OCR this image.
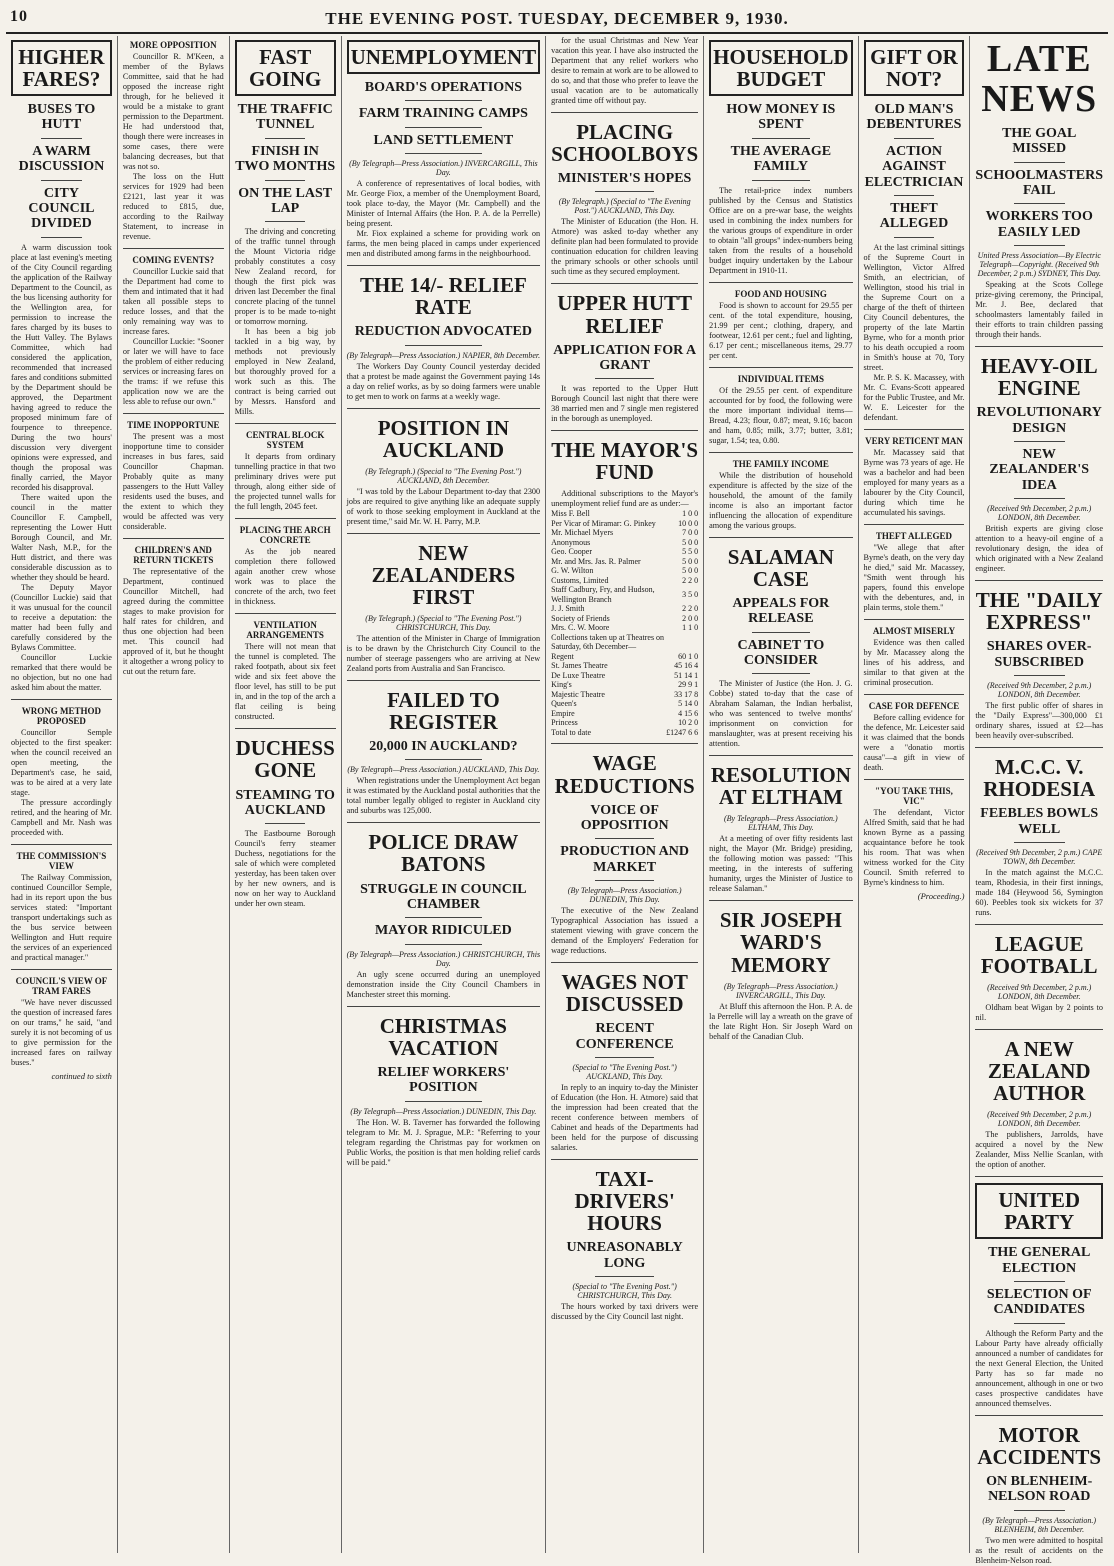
10	THE EVENING POST. TUESDAY, DECEMBER 9, 1930.
HIGHER FARES?
BUSES TO HUTT
A WARM DISCUSSION
CITY COUNCIL DIVIDED

A warm discussion took place at last evening's meeting of the City Council regarding the application of the Railway Department to the Council, as the bus licensing authority for the Wellington area, for permission to increase the fares charged by its buses to the Hutt Valley. The Bylaws Committee, which had considered the application, recommended that increased fares and conditions submitted by the Department should be approved, the Department having agreed to reduce the proposed minimum fare of fourpence to threepence. During the two hours' discussion very divergent opinions were expressed, and though the proposal was finally carried, the Mayor recorded his disapproval.

There waited upon the council in the matter Councillor F. Campbell, representing the Lower Hutt Borough Council, and Mr. Walter Nash, M.P., for the Hutt district, and there was considerable discussion as to whether they should be heard.

The Deputy Mayor (Councillor Luckie) said that it was unusual for the council to receive a deputation: the matter had been fully and carefully considered by the Bylaws Committee.

Councillor Luckie remarked that there would be no objection, but no one had asked him about the matter.

WRONG METHOD PROPOSED

Councillor Semple objected to the first speaker: when the council received an open meeting, the Department's case, he said, was to be aired at a very late stage.

The pressure accordingly retired, and the hearing of Mr. Campbell and Mr. Nash was proceeded with.

THE COMMISSION'S VIEW

The Railway Commission, continued Councillor Semple, had in its report upon the bus services stated: "Important transport undertakings such as the bus service between Wellington and Hutt require the services of an experienced and practical manager."

COUNCIL'S VIEW OF TRAM FARES

"We have never discussed the question of increased fares on our trams," he said, "and surely it is not becoming of us to give permission for the increased fares on railway buses."

continued to sixth
MORE OPPOSITION

Councillor R. M'Keen, a member of the Bylaws Committee, said that he had opposed the increase right through, for he believed it would be a mistake to grant permission to the Department. He had understood that, though there were increases in some cases, there were balancing decreases, but that was not so.

The loss on the Hutt services for 1929 had been £2121, last year it was reduced to £815, due, according to the Railway Statement, to increase in revenue.

COMING EVENTS?

Councillor Luckie said that the Department had come to them and intimated that it had taken all possible steps to reduce losses, and that the only remaining way was to increase fares.

Councillor Luckie: "Sooner or later we will have to face the problem of either reducing services or increasing fares on the trams: if we refuse this application now we are the less able to refuse our own."

TIME INOPPORTUNE

The present was a most inopportune time to consider increases in bus fares, said Councillor Chapman. Probably quite as many passengers to the Hutt Valley residents used the buses, and the extent to which they would be affected was very considerable.

CHILDREN'S AND RETURN TICKETS

The representative of the Department, continued Councillor Mitchell, had agreed during the committee stages to make provision for half rates for children, and thus one objection had been met. This council had approved of it, but he thought it altogether a wrong policy to cut out the return fare.

FAST GOING
THE TRAFFIC TUNNEL
FINISH IN TWO MONTHS
ON THE LAST LAP

The driving and concreting of the traffic tunnel through the Mount Victoria ridge probably constitutes a cosy New Zealand record, for though the first pick was driven last December the final concrete placing of the tunnel proper is to be made to-night or tomorrow morning.

It has been a big job tackled in a big way, by methods not previously employed in New Zealand, but thoroughly proved for a work such as this. The contract is being carried out by Messrs. Hansford and Mills.

CENTRAL BLOCK SYSTEM

It departs from ordinary tunnelling practice in that two preliminary drives were put through, along either side of the projected tunnel walls for the full length, 2045 feet.

PLACING THE ARCH CONCRETE

As the job neared completion there followed again another crew whose work was to place the concrete of the arch, two feet in thickness.

VENTILATION ARRANGEMENTS

There will not mean that the tunnel is completed. The raked footpath, about six feet wide and six feet above the floor level, has still to be put in, and in the top of the arch a flat ceiling is being constructed.

DUCHESS GONE
STEAMING TO AUCKLAND

The Eastbourne Borough Council's ferry steamer Duchess, negotiations for the sale of which were completed yesterday, has been taken over by her new owners, and is now on her way to Auckland under her own steam.

UNEMPLOYMENT
BOARD'S OPERATIONS
FARM TRAINING CAMPS
LAND SETTLEMENT
(By Telegraph—Press Association.) INVERCARGILL, This Day.

A conference of representatives of local bodies, with Mr. George Fiox, a member of the Unemployment Board, took place to-day, the Mayor (Mr. Campbell) and the Minister of Internal Affairs (the Hon. P. A. de la Perrelle) being present.

Mr. Fiox explained a scheme for providing work on farms, the men being placed in camps under experienced men and distributed among farms in the neighbourhood.

THE 14/- RELIEF RATE
REDUCTION ADVOCATED
(By Telegraph—Press Association.) NAPIER, 8th December.

The Workers Day County Council yesterday decided that a protest be made against the Government paying 14s a day on relief works, as by so doing farmers were unable to get men to work on farms at a weekly wage.

POSITION IN AUCKLAND
(By Telegraph.) (Special to "The Evening Post.") AUCKLAND, 8th December.

"I was told by the Labour Department to-day that 2300 jobs are required to give anything like an adequate supply of work to those seeking employment in Auckland at the present time," said Mr. W. H. Parry, M.P.

NEW ZEALANDERS FIRST
(By Telegraph.) (Special to "The Evening Post.") CHRISTCHURCH, This Day.

The attention of the Minister in Charge of Immigration is to be drawn by the Christchurch City Council to the number of steerage passengers who are arriving at New Zealand ports from Australia and San Francisco.

FAILED TO REGISTER
20,000 IN AUCKLAND?
(By Telegraph—Press Association.) AUCKLAND, This Day.

When registrations under the Unemployment Act began it was estimated by the Auckland postal authorities that the total number legally obliged to register in Auckland city and suburbs was 125,000.

POLICE DRAW BATONS
STRUGGLE IN COUNCIL CHAMBER
MAYOR RIDICULED
(By Telegraph—Press Association.) CHRISTCHURCH, This Day.

An ugly scene occurred during an unemployed demonstration inside the City Council Chambers in Manchester street this morning.

CHRISTMAS VACATION
RELIEF WORKERS' POSITION
(By Telegraph—Press Association.) DUNEDIN, This Day.

The Hon. W. B. Taverner has forwarded the following telegram to Mr. M. J. Sprague, M.P.: "Referring to your telegram regarding the Christmas pay for workmen on Public Works, the position is that men holding relief cards will be paid."

for the usual Christmas and New Year vacation this year. I have also instructed the Department that any relief workers who desire to remain at work are to be allowed to do so, and that those who prefer to leave the usual vacation are to be automatically granted time off without pay.

PLACING SCHOOLBOYS
MINISTER'S HOPES
(By Telegraph.) (Special to "The Evening Post.") AUCKLAND, This Day.

The Minister of Education (the Hon. H. Atmore) was asked to-day whether any definite plan had been formulated to provide continuation education for children leaving the primary schools or other schools until such time as they secured employment.

UPPER HUTT RELIEF
APPLICATION FOR A GRANT

It was reported to the Upper Hutt Borough Council last night that there were 38 married men and 7 single men registered in the borough as unemployed.

THE MAYOR'S FUND

Additional subscriptions to the Mayor's unemployment relief fund are as under:—

Miss F. Bell	1 0 0
Per Vicar of Miramar: G. Pinkey	10 0 0
Mr. Michael Myers	7 0 0
Anonymous	5 0 0
Geo. Cooper	5 5 0
Mr. and Mrs. Jas. R. Palmer	5 0 0
G. W. Wilton	5 0 0
Customs, Limited	2 2 0
Staff Cadbury, Fry, and Hudson, Wellington Branch	3 5 0
J. J. Smith	2 2 0
Society of Friends	2 0 0
Mrs. C. W. Moore	1 1 0
Collections taken up at Theatres on Saturday, 6th December—	
Regent	60 1 0
St. James Theatre	45 16 4
De Luxe Theatre	51 14 1
King's	29 9 1
Majestic Theatre	33 17 8
Queen's	5 14 0
Empire	4 15 6
Princess	10 2 0
Total to date	£1247 6 6
WAGE REDUCTIONS
VOICE OF OPPOSITION
PRODUCTION AND MARKET
(By Telegraph—Press Association.) DUNEDIN, This Day.

The executive of the New Zealand Typographical Association has issued a statement viewing with grave concern the demand of the Employers' Federation for wage reductions.

WAGES NOT DISCUSSED
RECENT CONFERENCE
(Special to "The Evening Post.") AUCKLAND, This Day.

In reply to an inquiry to-day the Minister of Education (the Hon. H. Atmore) said that the impression had been created that the recent conference between members of Cabinet and heads of the Departments had been held for the purpose of discussing salaries.

TAXI-DRIVERS' HOURS
UNREASONABLY LONG
(Special to "The Evening Post.") CHRISTCHURCH, This Day.

The hours worked by taxi drivers were discussed by the City Council last night.

HOUSEHOLD BUDGET
HOW MONEY IS SPENT
THE AVERAGE FAMILY

The retail-price index numbers published by the Census and Statistics Office are on a pre-war base, the weights used in combining the index numbers for the various groups of expenditure in order to obtain "all groups" index-numbers being taken from the results of a household budget inquiry undertaken by the Labour Department in 1910-11.

FOOD AND HOUSING

Food is shown to account for 29.55 per cent. of the total expenditure, housing, 21.99 per cent.; clothing, drapery, and footwear, 12.61 per cent.; fuel and lighting, 6.17 per cent.; miscellaneous items, 29.77 per cent.

INDIVIDUAL ITEMS

Of the 29.55 per cent. of expenditure accounted for by food, the following were the more important individual items—Bread, 4.23; flour, 0.87; meat, 9.16; bacon and ham, 0.85; milk, 3.77; butter, 3.81; sugar, 1.54; tea, 0.80.

THE FAMILY INCOME

While the distribution of household expenditure is affected by the size of the household, the amount of the family income is also an important factor influencing the allocation of expenditure among the various groups.

SALAMAN CASE
APPEALS FOR RELEASE
CABINET TO CONSIDER

The Minister of Justice (the Hon. J. G. Cobbe) stated to-day that the case of Abraham Salaman, the Indian herbalist, who was sentenced to twelve months' imprisonment on conviction for manslaughter, was at present receiving his attention.

RESOLUTION AT ELTHAM
(By Telegraph—Press Association.) ELTHAM, This Day.

At a meeting of over fifty residents last night, the Mayor (Mr. Bridge) presiding, the following motion was passed: "This meeting, in the interests of suffering humanity, urges the Minister of Justice to release Salaman."

SIR JOSEPH WARD'S MEMORY
(By Telegraph—Press Association.) INVERCARGILL, This Day.

At Bluff this afternoon the Hon. P. A. de la Perrelle will lay a wreath on the grave of the late Right Hon. Sir Joseph Ward on behalf of the Canadian Club.

GIFT OR NOT?
OLD MAN'S DEBENTURES
ACTION AGAINST ELECTRICIAN
THEFT ALLEGED

At the last criminal sittings of the Supreme Court in Wellington, Victor Alfred Smith, an electrician, of Wellington, stood his trial in the Supreme Court on a charge of the theft of thirteen City Council debentures, the property of the late Martin Byrne, who for a month prior to his death occupied a room in Smith's house at 70, Tory street.

Mr. P. S. K. Macassey, with Mr. C. Evans-Scott appeared for the Public Trustee, and Mr. W. E. Leicester for the defendant.

VERY RETICENT MAN

Mr. Macassey said that Byrne was 73 years of age. He was a bachelor and had been employed for many years as a labourer by the City Council, during which time he accumulated his savings.

THEFT ALLEGED

"We allege that after Byrne's death, on the very day he died," said Mr. Macassey, "Smith went through his papers, found this envelope with the debentures, and, in plain terms, stole them."

ALMOST MISERLY

Evidence was then called by Mr. Macassey along the lines of his address, and similar to that given at the criminal prosecution.

CASE FOR DEFENCE

Before calling evidence for the defence, Mr. Leicester said it was claimed that the bonds were a "donatio mortis causa"—a gift in view of death.

"YOU TAKE THIS, VIC"

The defendant, Victor Alfred Smith, said that he had known Byrne as a passing acquaintance before he took his room. That was when witness worked for the City Council. Smith referred to Byrne's kindness to him.

(Proceeding.)
LATE NEWS
THE GOAL MISSED
SCHOOLMASTERS FAIL
WORKERS TOO EASILY LED
United Press Association—By Electric Telegraph—Copyright. (Received 9th December, 2 p.m.) SYDNEY, This Day.

Speaking at the Scots College prize-giving ceremony, the Principal, Mr. J. Bee, declared that schoolmasters lamentably failed in their efforts to train children passing through their hands.

HEAVY-OIL ENGINE
REVOLUTIONARY DESIGN
NEW ZEALANDER'S IDEA
(Received 9th December, 2 p.m.) LONDON, 8th December.

British experts are giving close attention to a heavy-oil engine of a revolutionary design, the idea of which originated with a New Zealand engineer.

THE "DAILY EXPRESS"
SHARES OVER-SUBSCRIBED
(Received 9th December, 2 p.m.) LONDON, 8th December.

The first public offer of shares in the "Daily Express"—300,000 £1 ordinary shares, issued at £2—has been heavily over-subscribed.

M.C.C. V. RHODESIA
FEEBLES BOWLS WELL
(Received 9th December, 2 p.m.) CAPE TOWN, 8th December.

In the match against the M.C.C. team, Rhodesia, in their first innings, made 184 (Heywood 56, Symington 60). Peebles took six wickets for 37 runs.

LEAGUE FOOTBALL
(Received 9th December, 2 p.m.) LONDON, 8th December.

Oldham beat Wigan by 2 points to nil.

A NEW ZEALAND AUTHOR
(Received 9th December, 2 p.m.) LONDON, 8th December.

The publishers, Jarrolds, have acquired a novel by the New Zealander, Miss Nellie Scanlan, with the option of another.

UNITED PARTY
THE GENERAL ELECTION
SELECTION OF CANDIDATES

Although the Reform Party and the Labour Party have already officially announced a number of candidates for the next General Election, the United Party has so far made no announcement, although in one or two cases prospective candidates have announced themselves.

MOTOR ACCIDENTS
ON BLENHEIM-NELSON ROAD
(By Telegraph—Press Association.) BLENHEIM, 8th December.

Two men were admitted to hospital as the result of accidents on the Blenheim-Nelson road.
